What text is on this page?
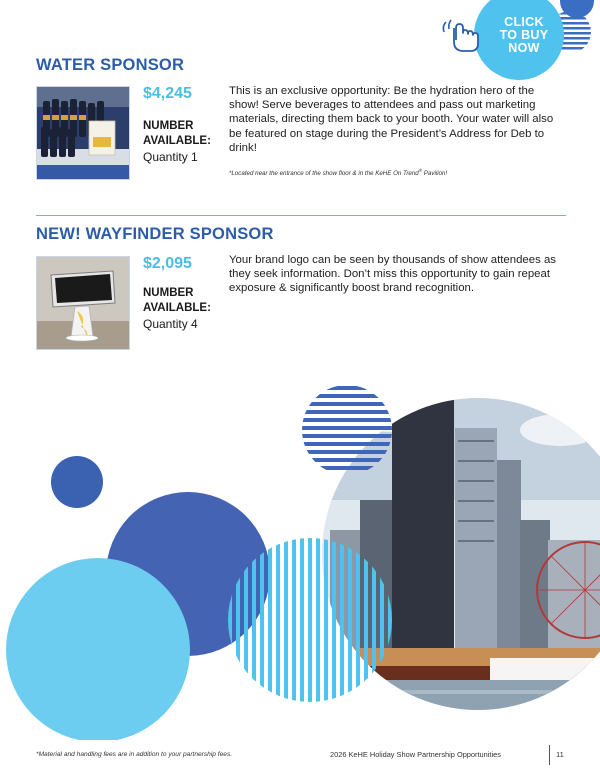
CLICK
TO BUY
NOW
WATER SPONSOR
$4,245
NUMBER
AVAILABLE:
Quantity 1
This is an exclusive opportunity: Be the hydration hero of the show! Serve beverages to attendees and pass out marketing materials, directing them back to your booth. Your water will also be featured on stage during the President’s Address for Deb to drink!
*Located near the entrance of the show floor & in the KeHE On Trend® Pavilion!
NEW! WAYFINDER SPONSOR
$2,095
NUMBER
AVAILABLE:
Quantity 4
Your brand logo can be seen by thousands of show attendees as they seek information. Don’t miss this opportunity to gain repeat exposure & significantly boost brand recognition.
*Material and handling fees are in addition to your partnership fees.	2026 KeHE Holiday Show Partnership Opportunities	11
